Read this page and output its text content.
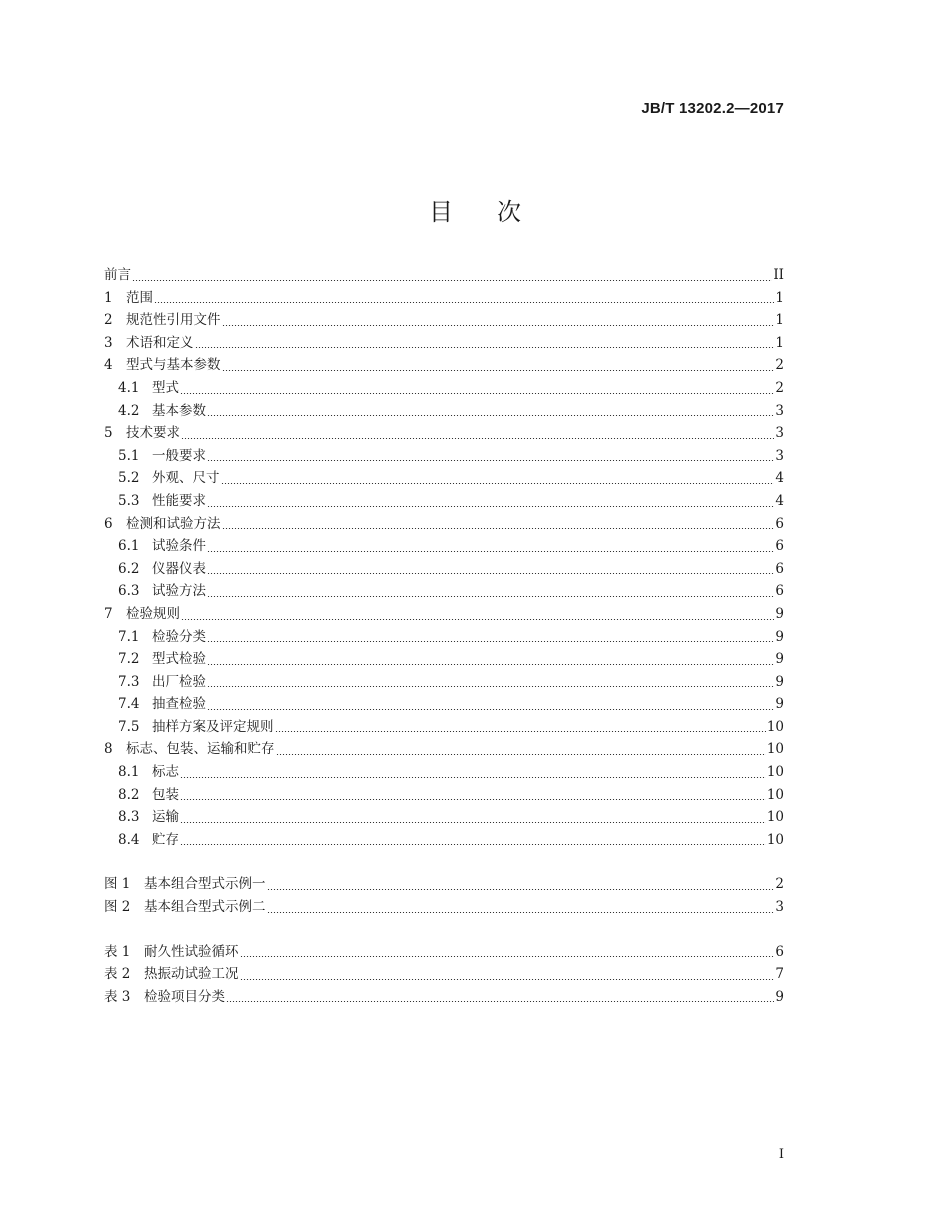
JB/T 13202.2—2017
目次
前言	II
1 范围	1
2 规范性引用文件	1
3 术语和定义	1
4 型式与基本参数	2
4.1 型式	2
4.2 基本参数	3
5 技术要求	3
5.1 一般要求	3
5.2 外观、尺寸	4
5.3 性能要求	4
6 检测和试验方法	6
6.1 试验条件	6
6.2 仪器仪表	6
6.3 试验方法	6
7 检验规则	9
7.1 检验分类	9
7.2 型式检验	9
7.3 出厂检验	9
7.4 抽查检验	9
7.5 抽样方案及评定规则	10
8 标志、包装、运输和贮存	10
8.1 标志	10
8.2 包装	10
8.3 运输	10
8.4 贮存	10
图 1	基本组合型式示例一	2
图 2	基本组合型式示例二	3
表 1	耐久性试验循环	6
表 2	热振动试验工况	7
表 3	检验项目分类	9
I
